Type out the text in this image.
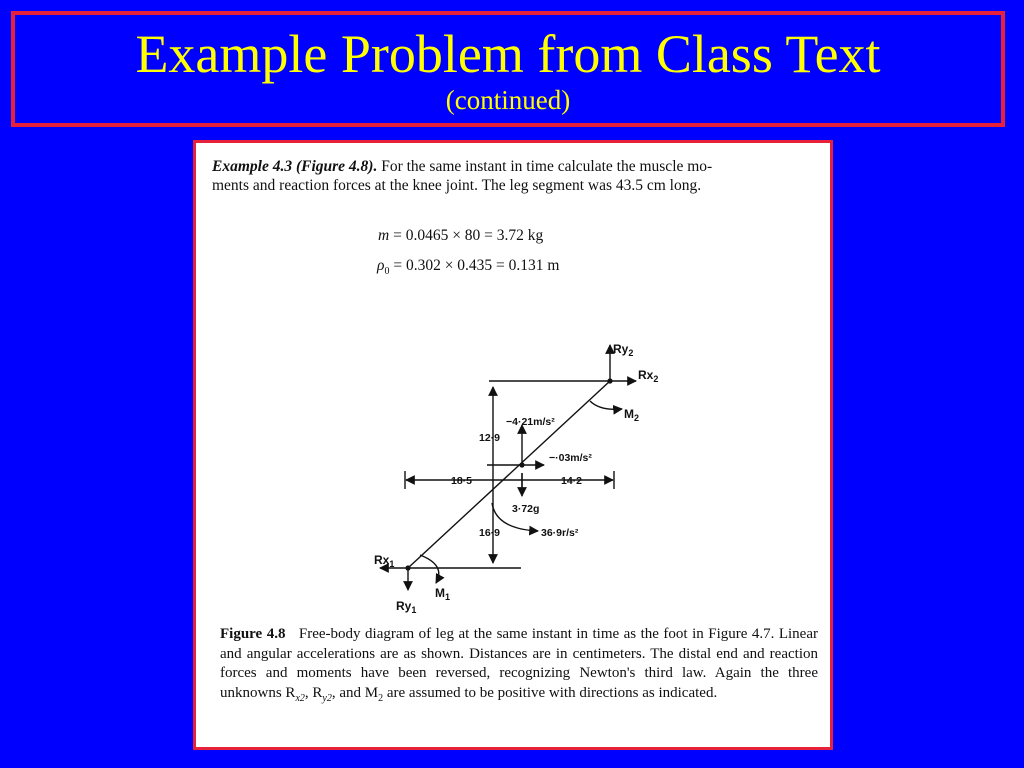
Example Problem from Class Text
(continued)
Example 4.3 (Figure 4.8). For the same instant in time calculate the muscle mo-
ments and reaction forces at the knee joint. The leg segment was 43.5 cm long.
m = 0.0465 × 80 = 3.72 kg
$\rho_0 = 0.302 \times 0.435 = 0.131$ m
$Ry_2$
$Rx_2$
$M_2$
−4·21m/s²
−·03m/s²
12·9
18·5	14·2
3·72g
16·9	36·9r/s²
$Rx_1$
$M_1$
$Ry_1$
Figure 4.8 Free-body diagram of leg at the same instant in time as the foot in Figure 4.7. Linear and angular accelerations are as shown. Distances are in centimeters. The distal end and reaction forces and moments have been reversed, recognizing Newton's third law. Again the three unknowns $R_{x2}$, $R_{y2}$, and $M_2$ are assumed to be positive with directions as indicated.
